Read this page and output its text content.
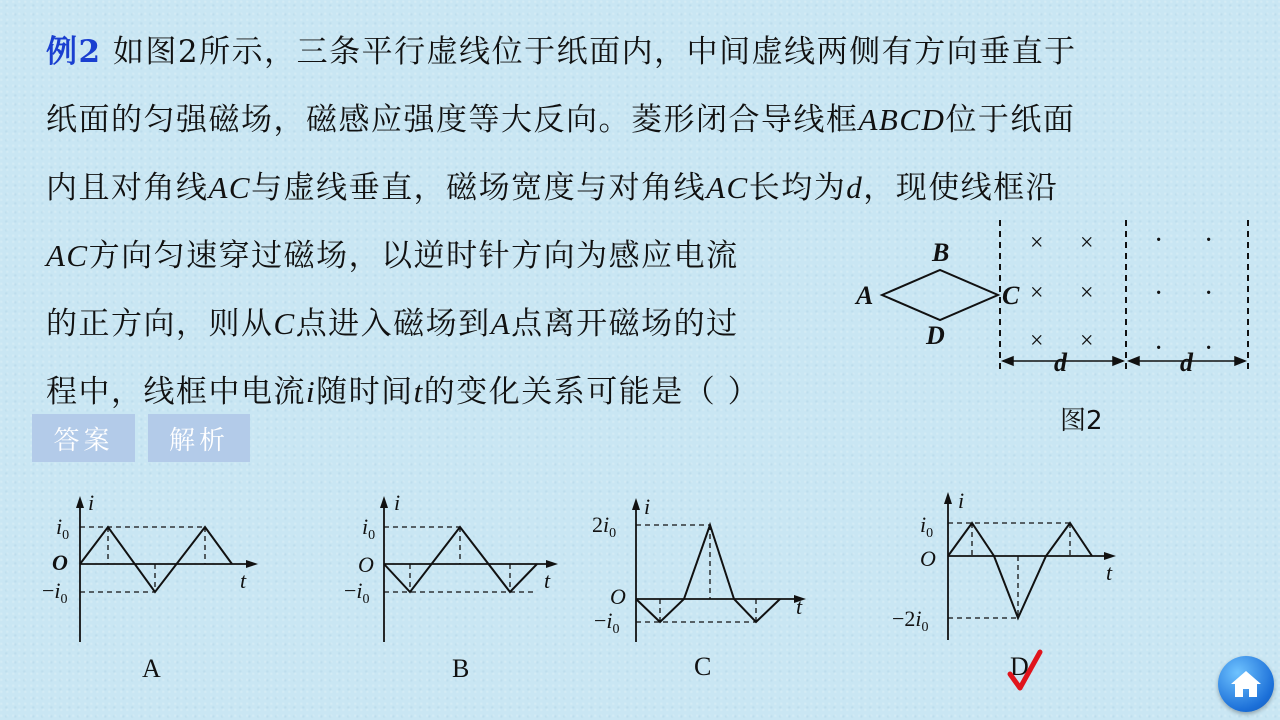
例2 如图2所示，三条平行虚线位于纸面内，中间虚线两侧有方向垂直于
纸面的匀强磁场，磁感应强度等大反向。菱形闭合导线框ABCD位于纸面
内且对角线AC与虚线垂直，磁场宽度与对角线AC长均为d，现使线框沿
AC方向匀速穿过磁场，以逆时针方向为感应电流
的正方向，则从C点进入磁场到A点离开磁场的过
程中，线框中电流i随时间t的变化关系可能是（ ）
答案	解析
A
B
C
D
× ×
× ×
× ×
· ·
· ·
· ·
d	d
图2
i
t
O
$i_0$
$-i_0$
A
i
t
O
$i_0$
$-i_0$
B
i
t
O
$2i_0$
$-i_0$
C
i
t
O
$i_0$
$-2i_0$
D
